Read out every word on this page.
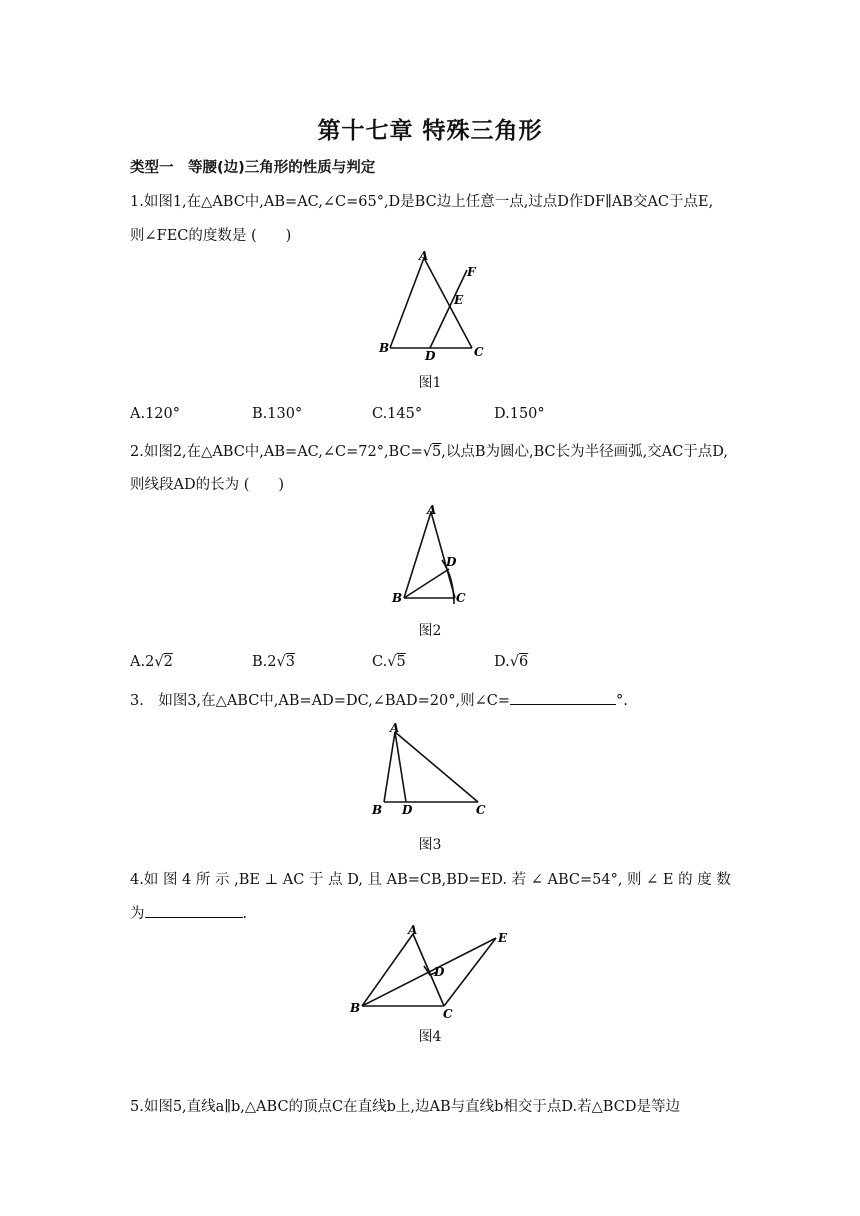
第十七章 特殊三角形
类型一　等腰(边)三角形的性质与判定
1.如图1,在△ABC中,AB=AC,∠C=65°,D是BC边上任意一点,过点D作DF∥AB交AC于点E,
则∠FEC的度数是 (　　)
A
B	C
D
E
F
图1
A.120°	B.130°	C.145°	D.150°
2.如图2,在△ABC中,AB=AC,∠C=72°,BC=√5,以点B为圆心,BC长为半径画弧,交AC于点D,
则线段AD的长为 (　　)
A
B	C
D
图2
A.2√2	B.2√3	C.√5	D.√6
3.　如图3,在△ABC中,AB=AD=DC,∠BAD=20°,则∠C=	°.
A
B D	C
图3
4.如 图 4 所 示 ,BE ⊥ AC 于 点 D, 且 AB=CB,BD=ED. 若 ∠ ABC=54°, 则 ∠ E 的 度 数
为	.
A
B	C
D
E
图4
5.如图5,直线a∥b,△ABC的顶点C在直线b上,边AB与直线b相交于点D.若△BCD是等边
